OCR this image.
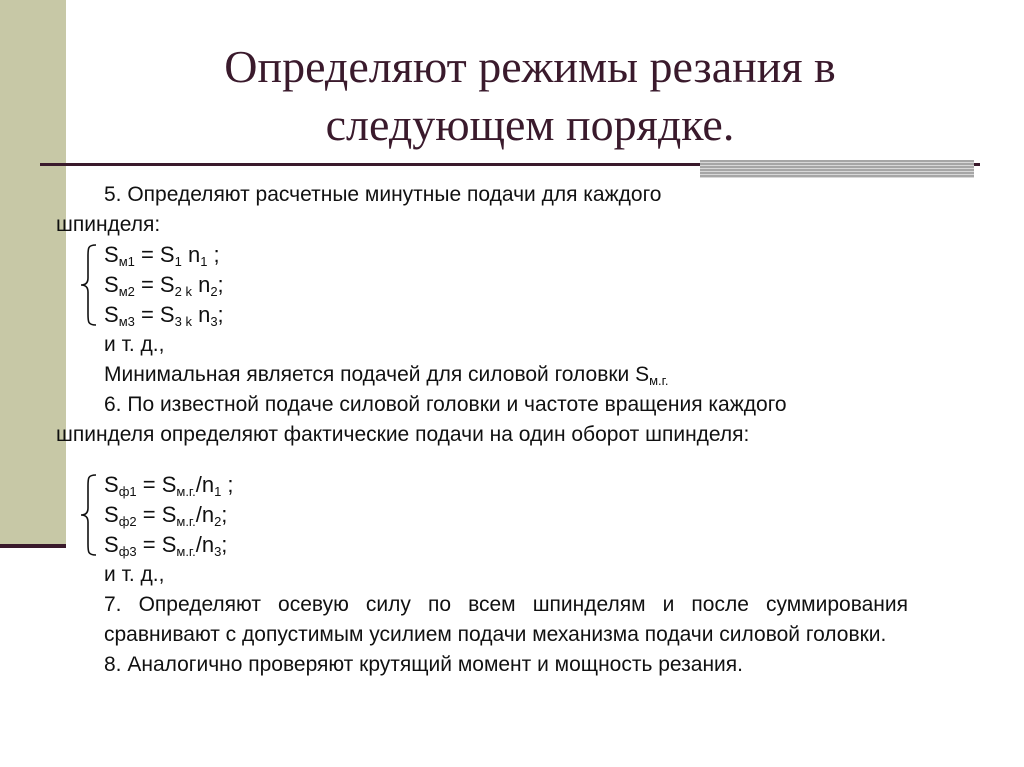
Определяют режимы резания в
следующем порядке.
5. Определяют расчетные минутные подачи для каждого
шпинделя:
$S_{м1} = S_1$ $n_1$ ;
$S_{м2} = S_{2 k}$ $n_2$;
$S_{м3} = S_{3 k}$ $n_3$;
и т. д.,
Минимальная является подачей для силовой головки $S_{м.г.}$
6. По известной подаче силовой головки и частоте вращения каждого
шпинделя определяют фактические подачи на один оборот шпинделя:
$S_{ф1} = S_{м.г.}/n_1$ ;
$S_{ф2} = S_{м.г.}/n_2$;
$S_{ф3} = S_{м.г.}/n_3$;
и т. д.,
7. Определяют осевую силу по всем шпинделям и после суммирования сравнивают с допустимым усилием подачи механизма подачи силовой головки.
8. Аналогично проверяют крутящий момент и мощность резания.
